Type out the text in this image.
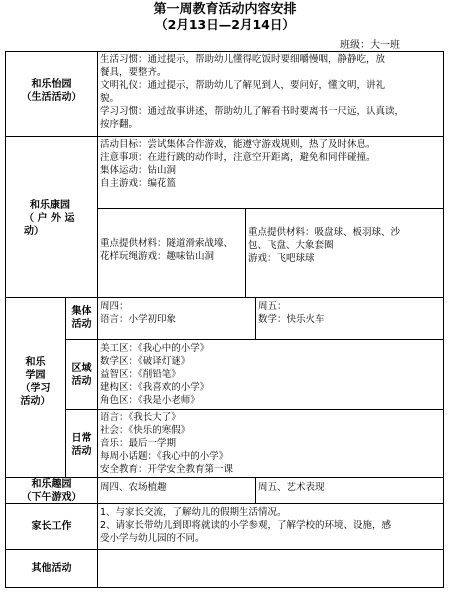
第一周教育活动内容安排
（2月13日—2月14日）
班级：大一班
和乐怡园
（生活活动）
生活习惯：通过提示，帮助幼儿懂得吃饭时要细嚼慢咽，静静吃，放
餐具，要整齐。
文明礼仪：通过提示，帮助幼儿了解见到人，要问好，懂文明，讲礼
貌。
学习习惯：通过故事讲述，帮助幼儿了解看书时要离书一尺远，认真读，
按序翻。
和乐康园
（ 户 外 运
动）
活动目标：尝试集体合作游戏，能遵守游戏规则，热了及时休息。
注意事项：在进行跳的动作时，注意空开距离，避免和同伴碰撞。
集体运动：钻山洞
自主游戏：编花篮
重点提供材料：隧道滑索战壕、
花样玩绳游戏：趣味钻山洞
重点提供材料：吸盘球、板羽球、沙
包、飞盘、大象套圈
游戏：飞吧球球
和乐
学园
（学习
活动）
集体
活动
周四：
语言：小学初印象
周五：
数学：快乐火车
区域
活动
美工区：《我心中的小学》
数学区：《破译灯谜》
益智区：《削铅笔》
建构区：《我喜欢的小学》
角色区：《我是小老师》
日常
活动
语言：《我长大了》
社会：《快乐的寒假》
音乐：最后一学期
每周小话题：《我心中的小学》
安全教育：开学安全教育第一课
和乐趣园
（下午游戏）
周四、农场植趣	周五、艺术表现
家长工作
1、与家长交流，了解幼儿的假期生活情况。
2、请家长带幼儿到即将就读的小学参观，了解学校的环境、设施，感
受小学与幼儿园的不同。
其他活动
